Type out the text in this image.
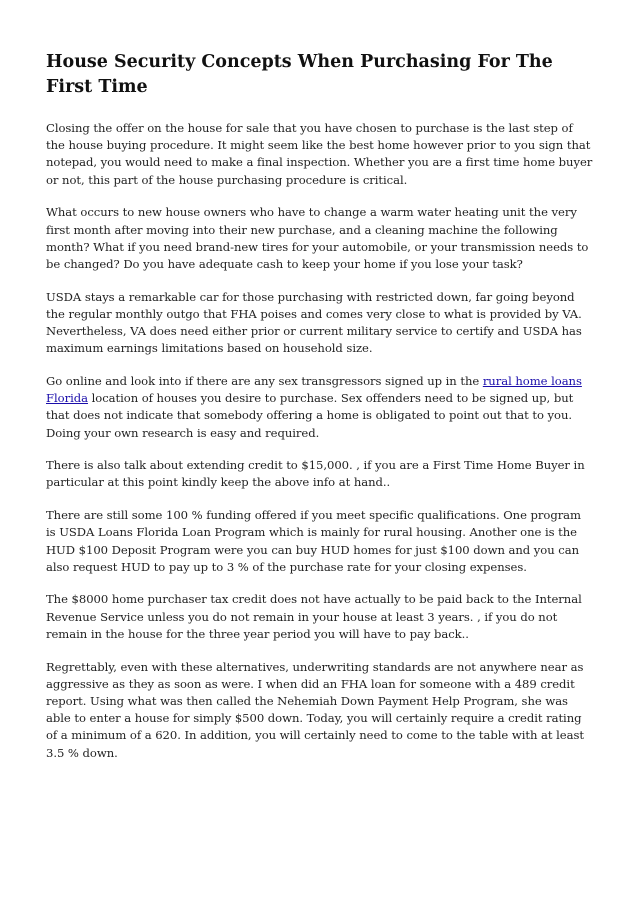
House Security Concepts When Purchasing For The First Time

Closing the offer on the house for sale that you have chosen to purchase is the last step of the house buying procedure. It might seem like the best home however prior to you sign that notepad, you would need to make a final inspection. Whether you are a first time home buyer or not, this part of the house purchasing procedure is critical.

What occurs to new house owners who have to change a warm water heating unit the very first month after moving into their new purchase, and a cleaning machine the following month? What if you need brand-new tires for your automobile, or your transmission needs to be changed? Do you have adequate cash to keep your home if you lose your task?

USDA stays a remarkable car for those purchasing with restricted down, far going beyond the regular monthly outgo that FHA poises and comes very close to what is provided by VA. Nevertheless, VA does need either prior or current military service to certify and USDA has maximum earnings limitations based on household size.

Go online and look into if there are any sex transgressors signed up in the rural home loans Florida location of houses you desire to purchase. Sex offenders need to be signed up, but that does not indicate that somebody offering a home is obligated to point out that to you. Doing your own research is easy and required.

There is also talk about extending credit to $15,000. , if you are a First Time Home Buyer in particular at this point kindly keep the above info at hand..

There are still some 100 % funding offered if you meet specific qualifications. One program is USDA Loans Florida Loan Program which is mainly for rural housing. Another one is the HUD $100 Deposit Program were you can buy HUD homes for just $100 down and you can also request HUD to pay up to 3 % of the purchase rate for your closing expenses.

The $8000 home purchaser tax credit does not have actually to be paid back to the Internal Revenue Service unless you do not remain in your house at least 3 years. , if you do not remain in the house for the three year period you will have to pay back..

Regrettably, even with these alternatives, underwriting standards are not anywhere near as aggressive as they as soon as were. I when did an FHA loan for someone with a 489 credit report. Using what was then called the Nehemiah Down Payment Help Program, she was able to enter a house for simply $500 down. Today, you will certainly require a credit rating of a minimum of a 620. In addition, you will certainly need to come to the table with at least 3.5 % down.
